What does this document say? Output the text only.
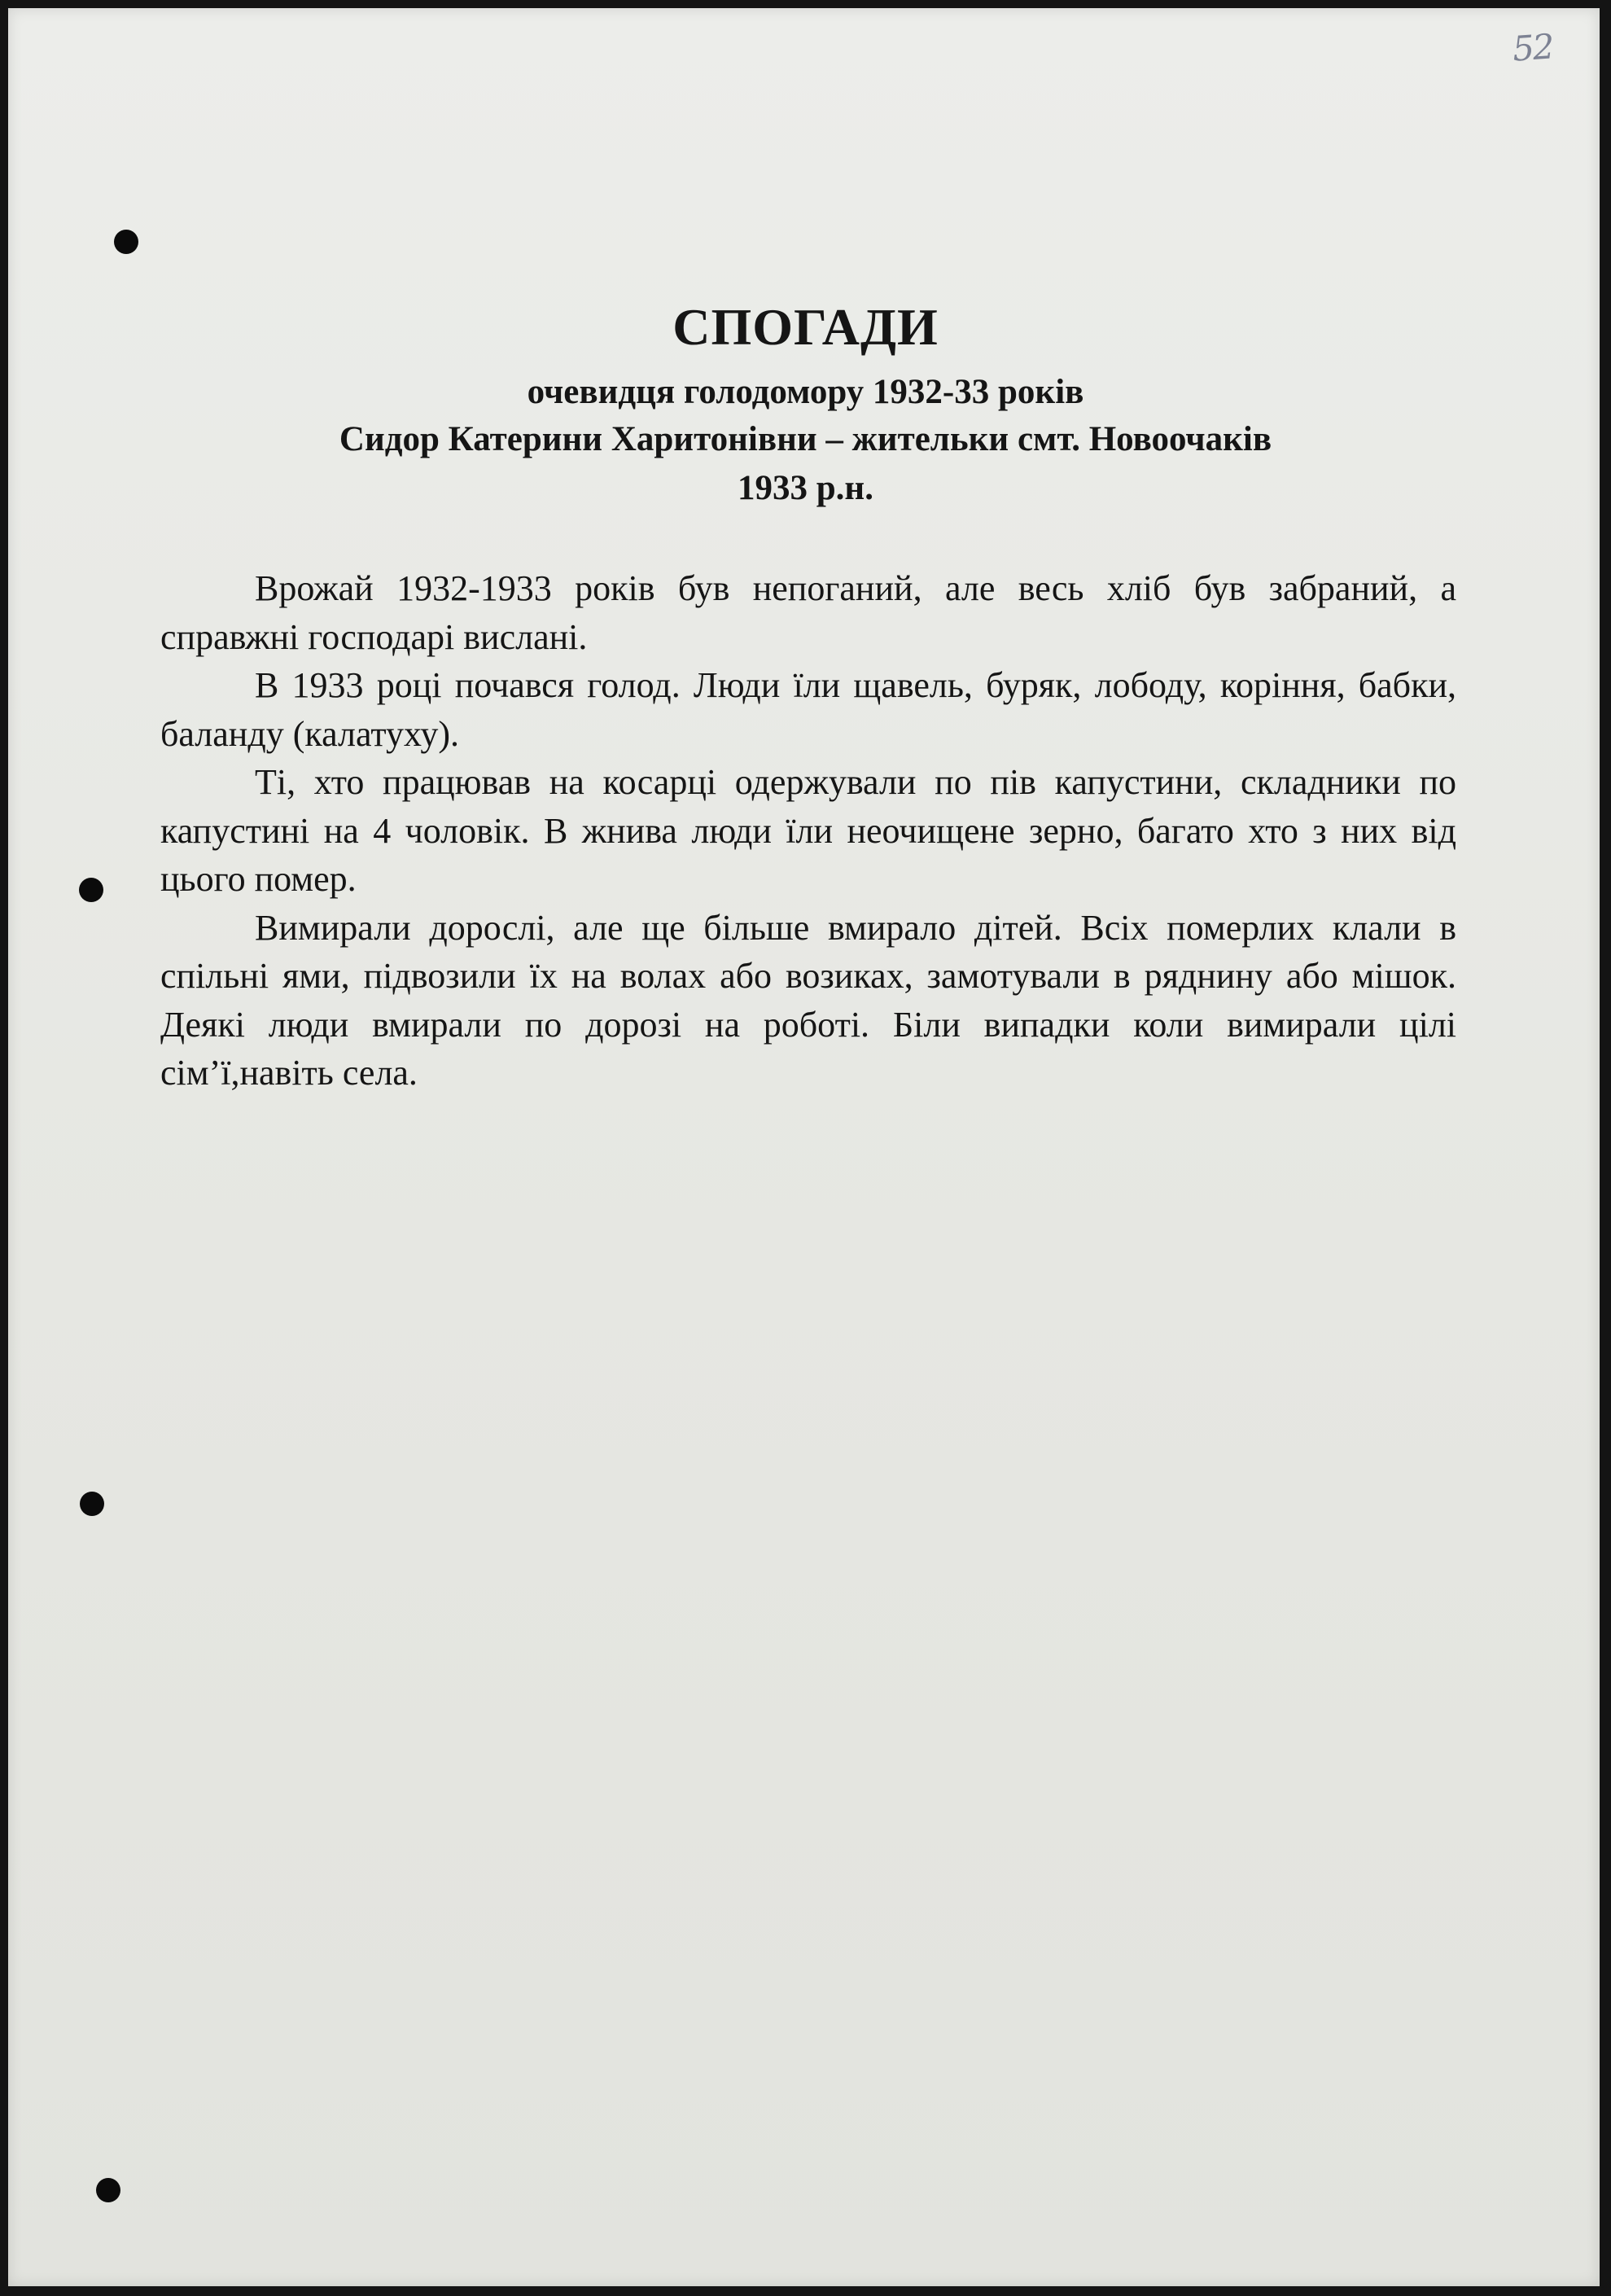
52
СПОГАДИ
очевидця голодомору 1932-33 років
Сидор Катерини Харитонівни – жительки смт. Новоочаків
1933 р.н.

Врожай 1932-1933 років був непоганий, але весь хліб був забраний, а справжні господарі вислані.

В 1933 році почався голод. Люди їли щавель, буряк, лободу, коріння, бабки, баланду (калатуху).

Ті, хто працював на косарці одержували по пів капустини, складники по капустині на 4 чоловік. В жнива люди їли неочищене зерно, багато хто з них від цього помер.

Вимирали дорослі, але ще більше вмирало дітей. Всіх померлих клали в спільні ями, підвозили їх на волах або возиках, замотували в ряднину або мішок. Деякі люди вмирали по дорозі на роботі. Біли випадки коли вимирали цілі сім’ї,навіть села.
